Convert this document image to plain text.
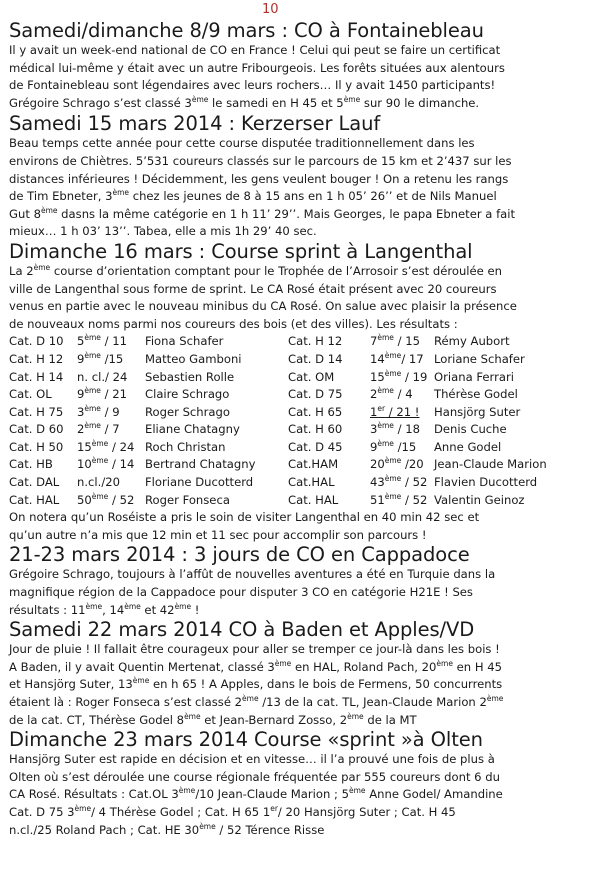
10
Samedi/dimanche 8/9 mars : CO à Fontainebleau

Il y avait un week-end national de CO en France ! Celui qui peut se faire un certificat
médical lui-même y était avec un autre Fribourgeois. Les forêts situées aux alentours
de Fontainebleau sont légendaires avec leurs rochers… Il y avait 1450 participants!
Grégoire Schrago s’est classé 3ème le samedi en H 45 et 5ème sur 90 le dimanche.

Samedi 15 mars 2014 : Kerzerser Lauf

Beau temps cette année pour cette course disputée traditionnellement dans les
environs de Chiètres. 5’531 coureurs classés sur le parcours de 15 km et 2’437 sur les
distances inférieures ! Décidemment, les gens veulent bouger ! On a retenu les rangs
de Tim Ebneter, 3ème chez les jeunes de 8 à 15 ans en 1 h 05’ 26’’ et de Nils Manuel
Gut 8ème dasns la même catégorie en 1 h 11’ 29’’. Mais Georges, le papa Ebneter a fait
mieux… 1 h 03’ 13’’. Tabea, elle a mis 1h 29’ 40 sec.

Dimanche 16 mars : Course sprint à Langenthal

La 2ème course d’orientation comptant pour le Trophée de l’Arrosoir s’est déroulée en
ville de Langenthal sous forme de sprint. Le CA Rosé était présent avec 20 coureurs
venus en partie avec le nouveau minibus du CA Rosé. On salue avec plaisir la présence
de nouveaux noms parmi nos coureurs des bois (et des villes). Les résultats :

Cat. D 10	5ème / 11	Fiona Schafer	Cat. H 12	7ème / 15	Rémy Aubort
Cat. H 12	9ème /15	Matteo Gamboni	Cat. D 14	14ème/ 17 Loriane Schafer
Cat. H 14	n. cl./ 24	Sebastien Rolle	Cat. OM	15ème / 19 Oriana Ferrari
Cat. OL	9ème / 21	Claire Schrago	Cat. D 75	2ème / 4	Thérèse Godel
Cat. H 75	3ème / 9	Roger Schrago	Cat. H 65	1er / 21 !	Hansjörg Suter
Cat. D 60	2ème / 7	Eliane Chatagny	Cat. H 60	3ème / 18	Denis Cuche
Cat. H 50	15ème / 24 Roch Christan	Cat. D 45	9ème /15	Anne Godel
Cat. HB	10ème / 14 Bertrand Chatagny	Cat.HAM	20ème /20 Jean-Claude Marion
Cat. DAL	n.cl./20	Floriane Ducotterd	Cat.HAL	43ème / 52 Flavien Ducotterd
Cat. HAL	50ème / 52 Roger Fonseca	Cat. HAL	51ème / 52 Valentin Geinoz

On notera qu’un Roséiste a pris le soin de visiter Langenthal en 40 min 42 sec et
qu’un autre n’a mis que 12 min et 11 sec pour accomplir son parcours !

21-23 mars 2014 : 3 jours de CO en Cappadoce

Grégoire Schrago, toujours à l’affût de nouvelles aventures a été en Turquie dans la
magnifique région de la Cappadoce pour disputer 3 CO en catégorie H21E ! Ses
résultats : 11ème, 14ème et 42ème !

Samedi 22 mars 2014 CO à Baden et Apples/VD

Jour de pluie ! Il fallait être courageux pour aller se tremper ce jour-là dans les bois !
A Baden, il y avait Quentin Mertenat, classé 3ème en HAL, Roland Pach, 20ème en H 45
et Hansjörg Suter, 13ème en h 65 ! A Apples, dans le bois de Fermens, 50 concurrents
étaient là : Roger Fonseca s’est classé 2ème /13 de la cat. TL, Jean-Claude Marion 2ème
de la cat. CT, Thérèse Godel 8ème et Jean-Bernard Zosso, 2ème de la MT

Dimanche 23 mars 2014 Course «sprint »à Olten

Hansjörg Suter est rapide en décision et en vitesse… il l’a prouvé une fois de plus à
Olten où s’est déroulée une course régionale fréquentée par 555 coureurs dont 6 du
CA Rosé. Résultats : Cat.OL 3ème/10 Jean-Claude Marion ; 5ème Anne Godel/ Amandine
Cat. D 75 3ème/ 4 Thérèse Godel ; Cat. H 65 1er/ 20 Hansjörg Suter ; Cat. H 45
n.cl./25 Roland Pach ; Cat. HE 30ème / 52 Térence Risse
